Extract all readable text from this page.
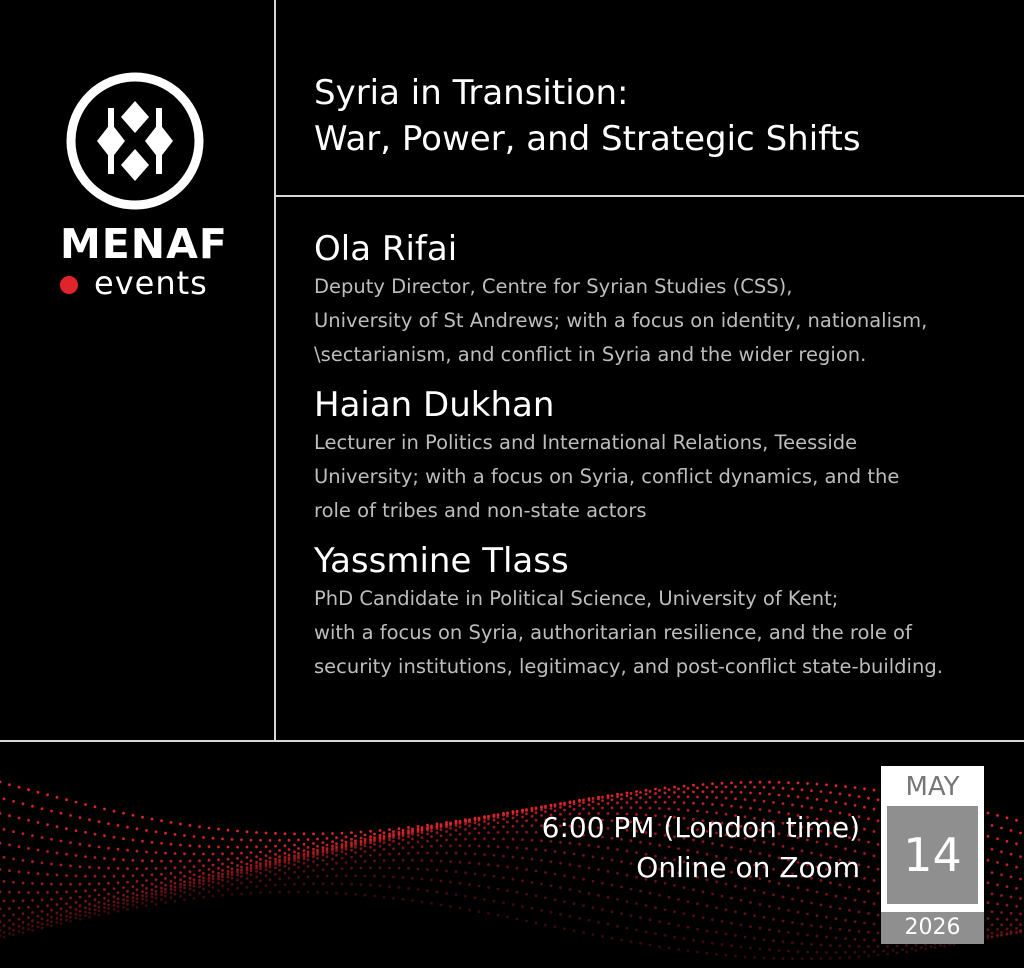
MENAF
events
Syria in Transition:
War, Power, and Strategic Shifts
Ola Rifai
Deputy Director, Centre for Syrian Studies (CSS),
University of St Andrews; with a focus on identity, nationalism,
\sectarianism, and conflict in Syria and the wider region.
Haian Dukhan
Lecturer in Politics and International Relations, Teesside
University; with a focus on Syria, conflict dynamics, and the
role of tribes and non-state actors
Yassmine Tlass
PhD Candidate in Political Science, University of Kent;
with a focus on Syria, authoritarian resilience, and the role of
security institutions, legitimacy, and post-conflict state-building.
6:00 PM (London time)
Online on Zoom
MAY
14
2026
